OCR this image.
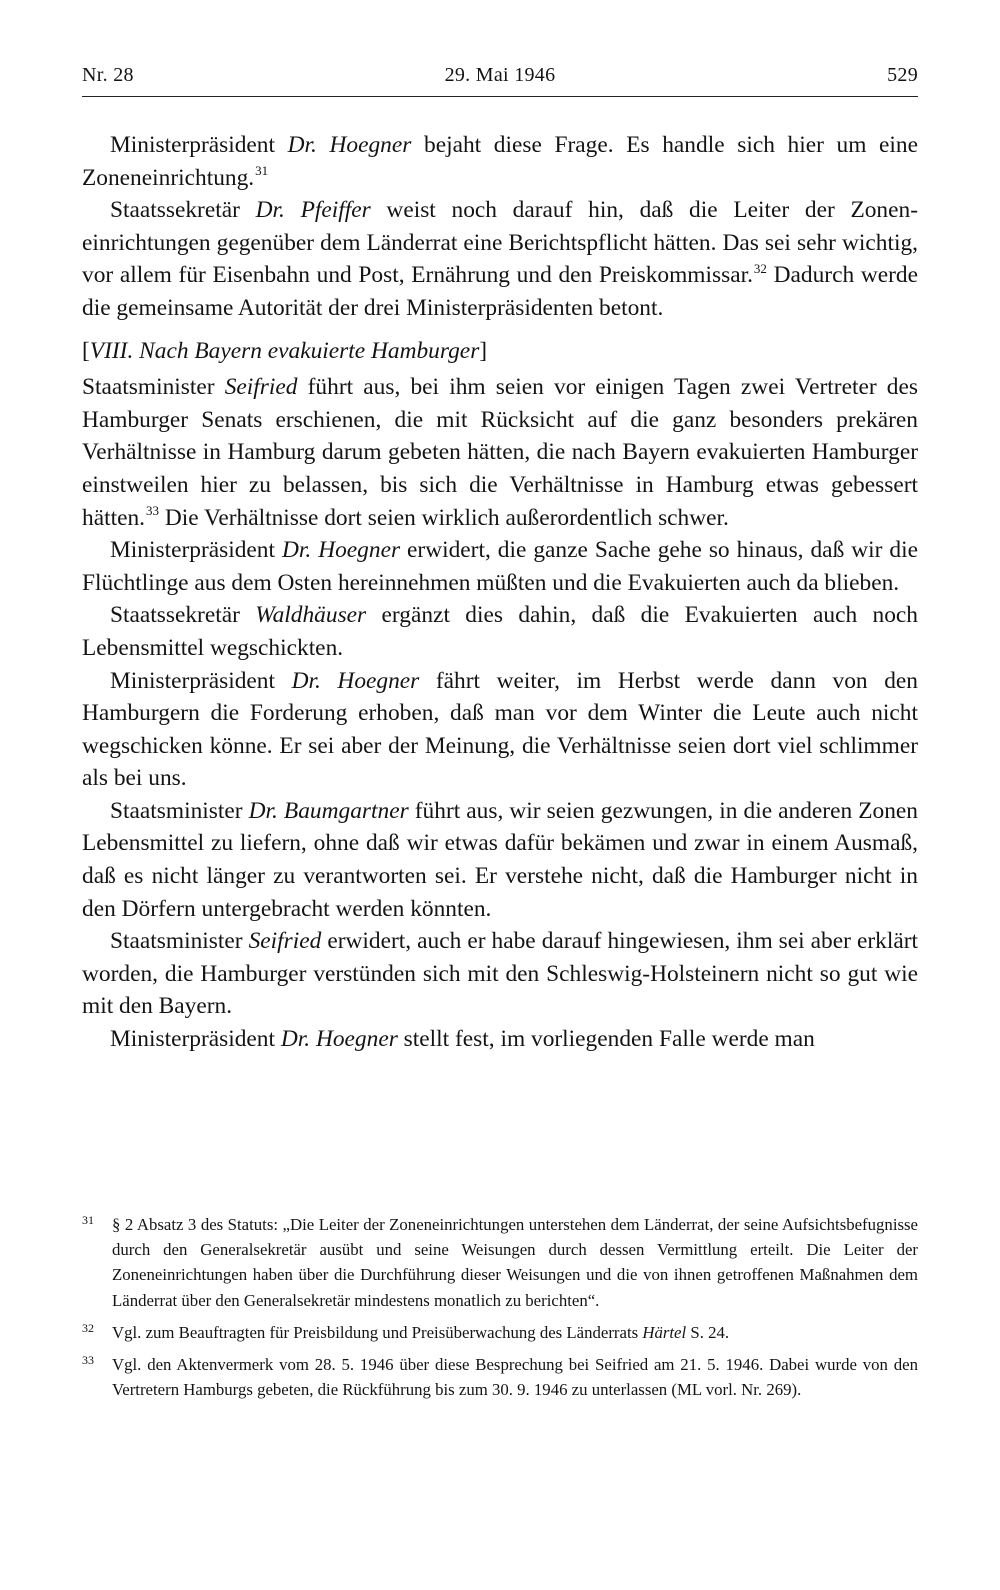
Nr. 28	29. Mai 1946	529

Ministerpräsident Dr. Hoegner bejaht diese Frage. Es handle sich hier um eine Zoneneinrichtung.$^{31}$

Staatssekretär Dr. Pfeiffer weist noch darauf hin, daß die Leiter der Zoneneinrichtungen gegenüber dem Länderrat eine Berichtspflicht hätten. Das sei sehr wichtig, vor allem für Eisenbahn und Post, Ernährung und den Preiskommissar.$^{32}$ Dadurch werde die gemeinsame Autorität der drei Ministerpräsidenten betont.

[VIII. Nach Bayern evakuierte Hamburger]

Staatsminister Seifried führt aus, bei ihm seien vor einigen Tagen zwei Vertreter des Hamburger Senats erschienen, die mit Rücksicht auf die ganz besonders prekären Verhältnisse in Hamburg darum gebeten hätten, die nach Bayern evakuierten Hamburger einstweilen hier zu belassen, bis sich die Verhältnisse in Hamburg etwas gebessert hätten.$^{33}$ Die Verhältnisse dort seien wirklich außerordentlich schwer.

Ministerpräsident Dr. Hoegner erwidert, die ganze Sache gehe so hinaus, daß wir die Flüchtlinge aus dem Osten hereinnehmen müßten und die Evakuierten auch da blieben.

Staatssekretär Waldhäuser ergänzt dies dahin, daß die Evakuierten auch noch Lebensmittel wegschickten.

Ministerpräsident Dr. Hoegner fährt weiter, im Herbst werde dann von den Hamburgern die Forderung erhoben, daß man vor dem Winter die Leute auch nicht wegschicken könne. Er sei aber der Meinung, die Verhältnisse seien dort viel schlimmer als bei uns.

Staatsminister Dr. Baumgartner führt aus, wir seien gezwungen, in die anderen Zonen Lebensmittel zu liefern, ohne daß wir etwas dafür bekämen und zwar in einem Ausmaß, daß es nicht länger zu verantworten sei. Er verstehe nicht, daß die Hamburger nicht in den Dörfern untergebracht werden könnten.

Staatsminister Seifried erwidert, auch er habe darauf hingewiesen, ihm sei aber erklärt worden, die Hamburger verstünden sich mit den Schleswig-Holsteinern nicht so gut wie mit den Bayern.

Ministerpräsident Dr. Hoegner stellt fest, im vorliegenden Falle werde man

31 § 2 Absatz 3 des Statuts: „Die Leiter der Zoneneinrichtungen unterstehen dem Länderrat, der seine Aufsichtsbefugnisse durch den Generalsekretär ausübt und seine Weisungen durch dessen Vermittlung erteilt. Die Leiter der Zoneneinrichtungen haben über die Durchführung dieser Weisungen und die von ihnen getroffenen Maßnahmen dem Länderrat über den Generalsekretär mindestens monatlich zu berichten“.
32 Vgl. zum Beauftragten für Preisbildung und Preisüberwachung des Länderrats Härtel S. 24.
33 Vgl. den Aktenvermerk vom 28. 5. 1946 über diese Besprechung bei Seifried am 21. 5. 1946. Dabei wurde von den Vertretern Hamburgs gebeten, die Rückführung bis zum 30. 9. 1946 zu unterlassen (ML vorl. Nr. 269).
